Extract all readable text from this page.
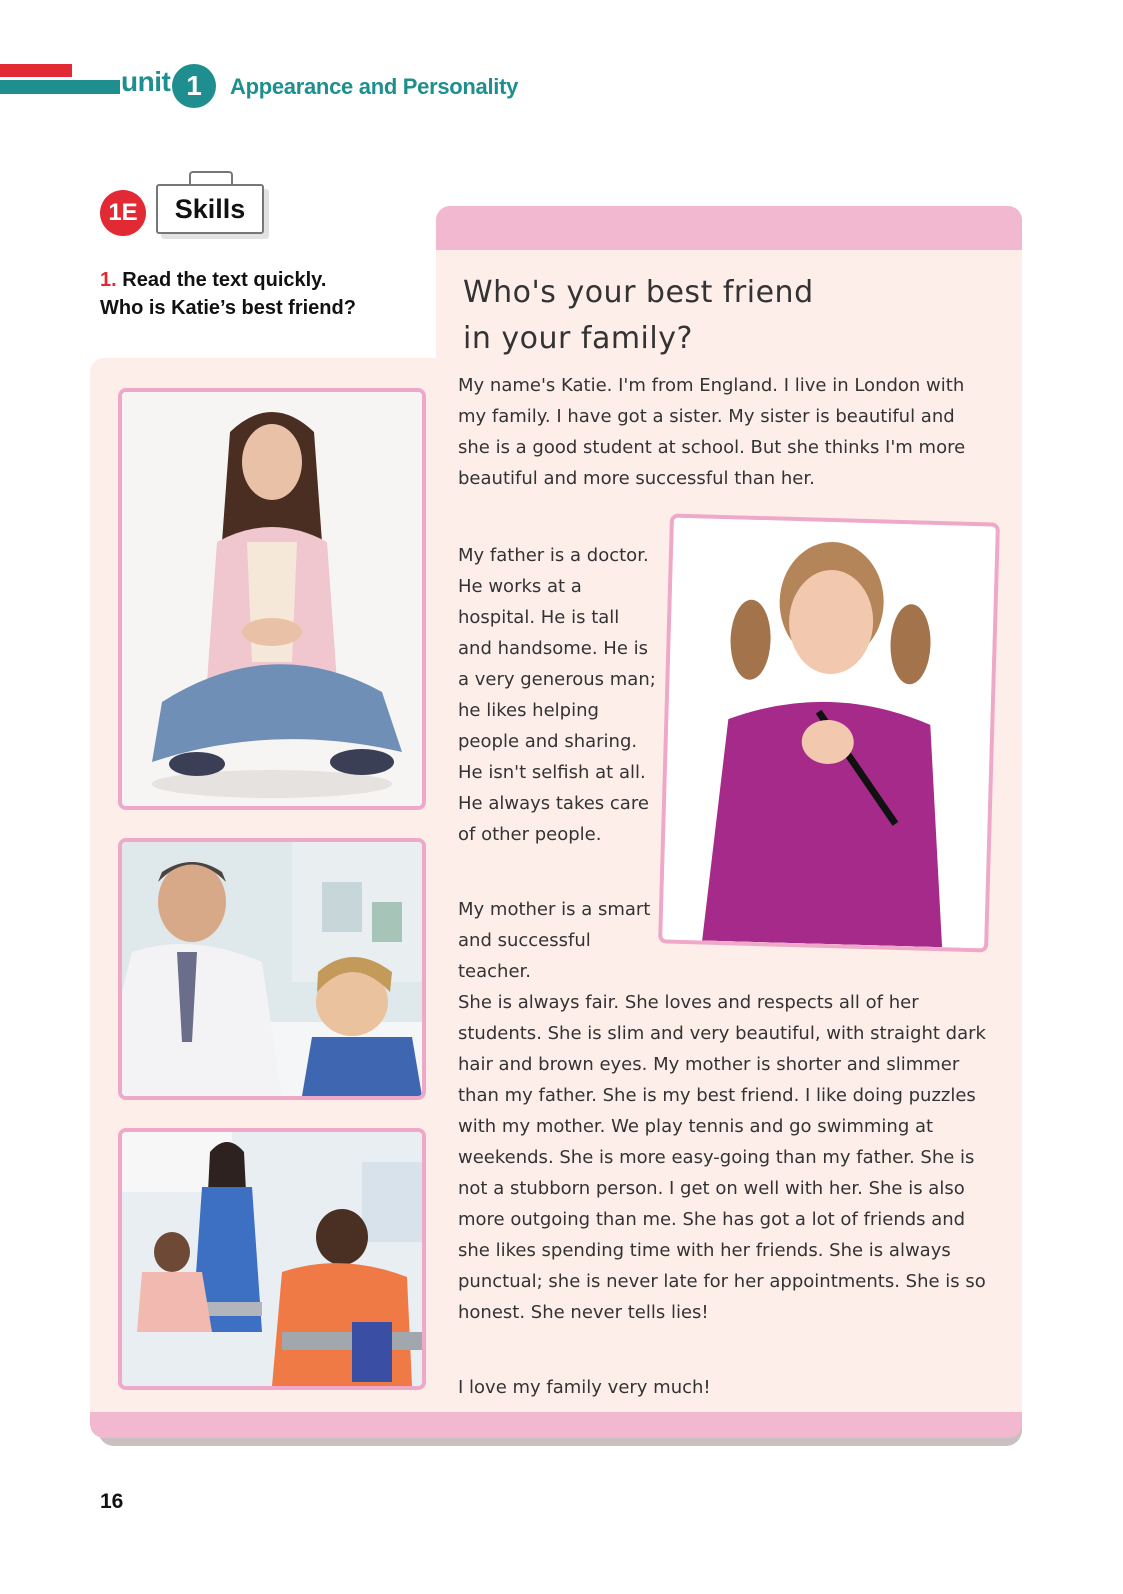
unit 1	Appearance and Personality
1E	Skills
1. Read the text quickly.
Who is Katie’s best friend?	Who's your best friend
in your family?

My name's Katie. I'm from England. I live in London with my family. I have got a sister. My sister is beautiful and she is a good student at school. But she thinks I'm more beautiful and more successful than her.

My father is a doctor. He works at a hospital. He is tall and handsome. He is a very generous man; he likes helping people and sharing. He isn't selfish at all. He always takes care of other people.

My mother is a smart and successful teacher.

She is always fair. She loves and respects all of her students. She is slim and very beautiful, with straight dark hair and brown eyes. My mother is shorter and slimmer than my father. She is my best friend. I like doing puzzles with my mother. We play tennis and go swimming at weekends. She is more easy-going than my father. She is not a stubborn person. I get on well with her. She is also more outgoing than me. She has got a lot of friends and she likes spending time with her friends. She is always punctual; she is never late for her appointments. She is so honest. She never tells lies!

I love my family very much!

16
